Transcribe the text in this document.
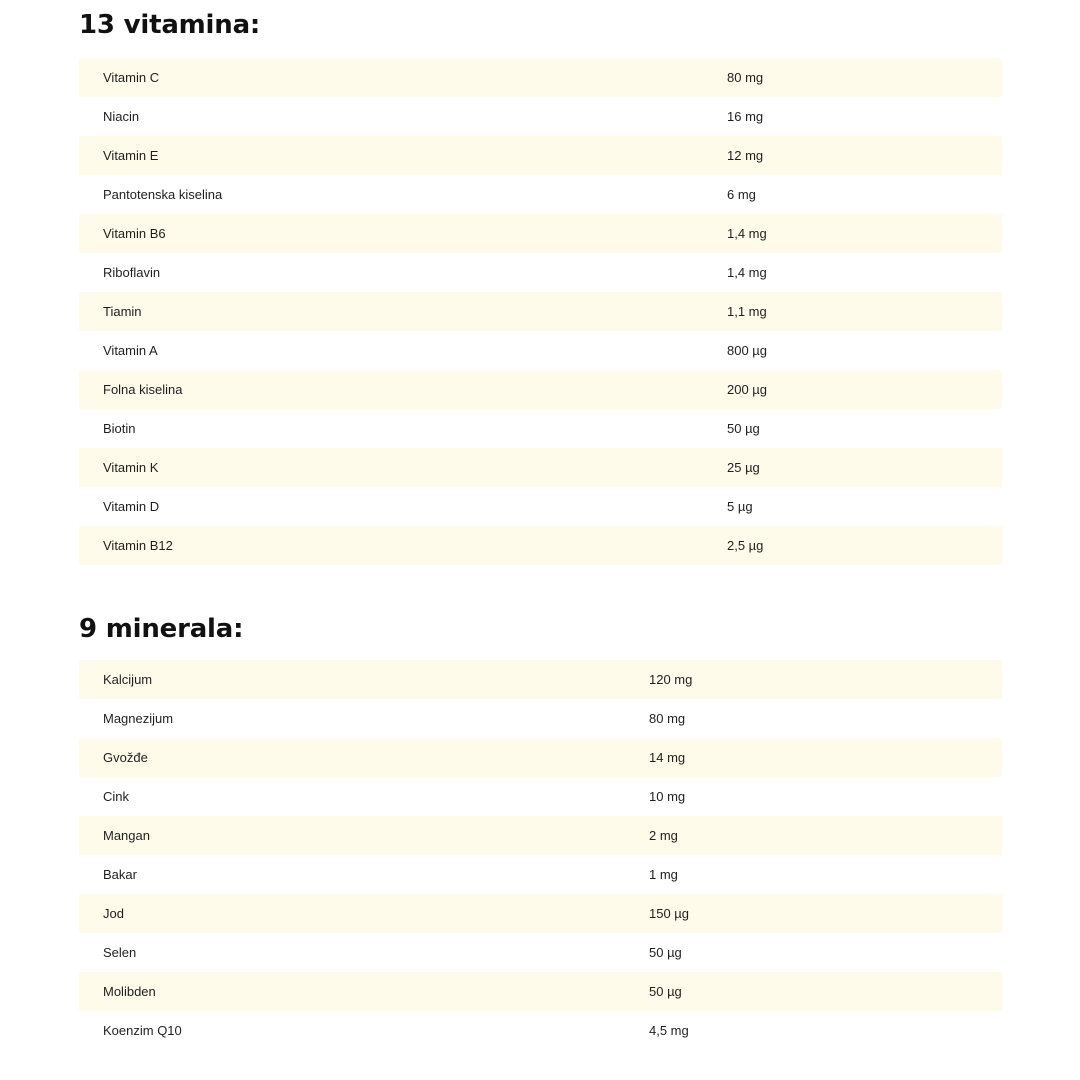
13 vitamina:
Vitamin C	80 mg
Niacin	16 mg
Vitamin E	12 mg
Pantotenska kiselina	6 mg
Vitamin B6	1,4 mg
Riboflavin	1,4 mg
Tiamin	1,1 mg
Vitamin A	800 µg
Folna kiselina	200 µg
Biotin	50 µg
Vitamin K	25 µg
Vitamin D	5 µg
Vitamin B12	2,5 µg
9 minerala:
Kalcijum	120 mg
Magnezijum	80 mg
Gvožđe	14 mg
Cink	10 mg
Mangan	2 mg
Bakar	1 mg
Jod	150 µg
Selen	50 µg
Molibden	50 µg
Koenzim Q10	4,5 mg
